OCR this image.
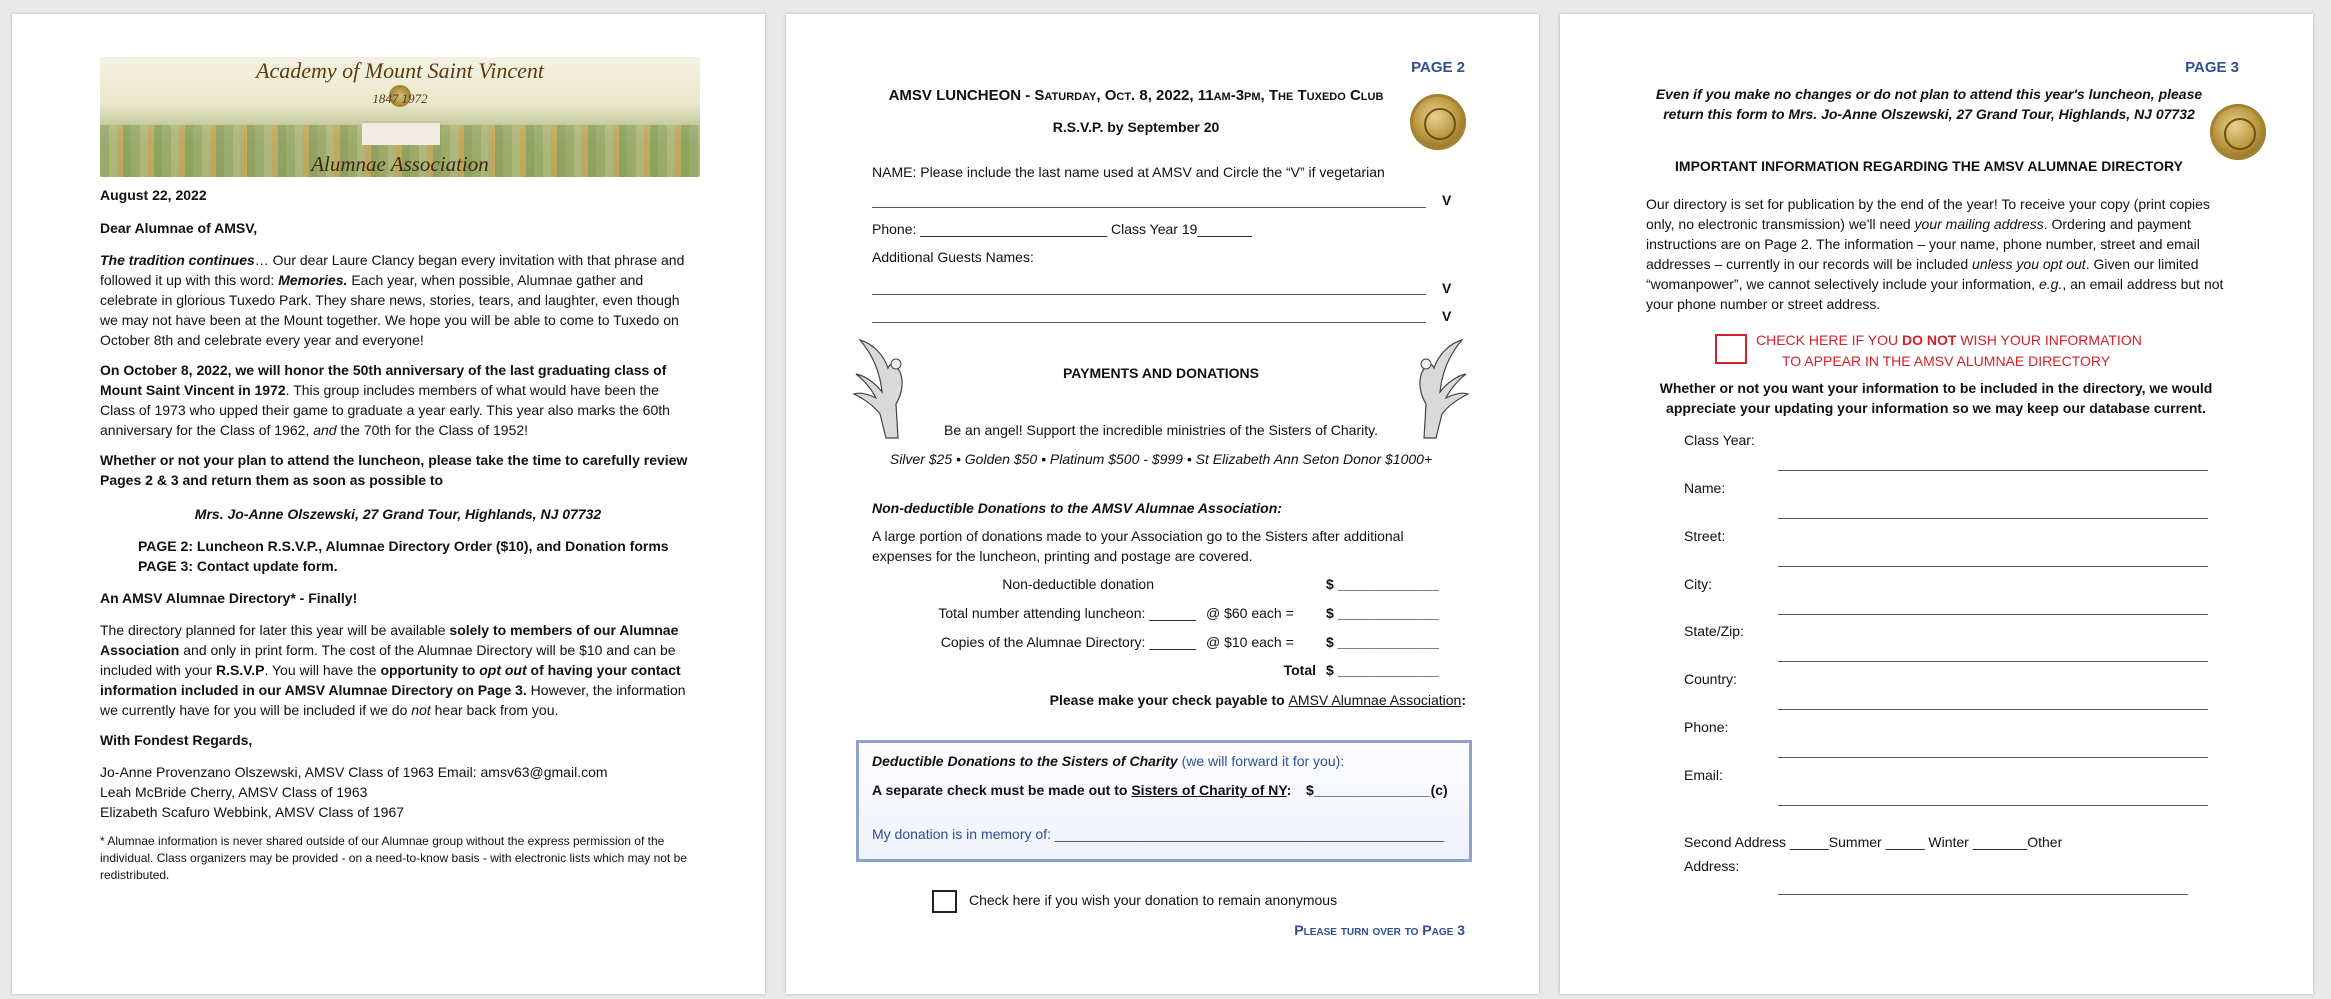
Academy of Mount Saint Vincent
1847 1972
Alumnae Association

August 22, 2022

Dear Alumnae of AMSV,

The tradition continues… Our dear Laure Clancy began every invitation with that phrase and followed it up with this word: Memories. Each year, when possible, Alumnae gather and celebrate in glorious Tuxedo Park. They share news, stories, tears, and laughter, even though we may not have been at the Mount together. We hope you will be able to come to Tuxedo on October 8th and celebrate every year and everyone!

On October 8, 2022, we will honor the 50th anniversary of the last graduating class of Mount Saint Vincent in 1972. This group includes members of what would have been the Class of 1973 who upped their game to graduate a year early. This year also marks the 60th anniversary for the Class of 1962, and the 70th for the Class of 1952!

Whether or not your plan to attend the luncheon, please take the time to carefully review Pages 2 & 3 and return them as soon as possible to

Mrs. Jo-Anne Olszewski, 27 Grand Tour, Highlands, NJ 07732

PAGE 2: Luncheon R.S.V.P., Alumnae Directory Order ($10), and Donation forms

PAGE 3: Contact update form.

An AMSV Alumnae Directory* - Finally!

The directory planned for later this year will be available solely to members of our Alumnae Association and only in print form. The cost of the Alumnae Directory will be $10 and can be included with your R.S.V.P. You will have the opportunity to opt out of having your contact information included in our AMSV Alumnae Directory on Page 3. However, the information we currently have for you will be included if we do not hear back from you.

With Fondest Regards,

Jo-Anne Provenzano Olszewski, AMSV Class of 1963 Email: amsv63@gmail.com

Leah McBride Cherry, AMSV Class of 1963

Elizabeth Scafuro Webbink, AMSV Class of 1967

* Alumnae information is never shared outside of our Alumnae group without the express permission of the individual. Class organizers may be provided - on a need-to-know basis - with electronic lists which may not be redistributed.

PAGE 2
AMSV LUNCHEON - Saturday, Oct. 8, 2022, 11am-3pm, The Tuxedo Club
R.S.V.P. by September 20
NAME: Please include the last name used at AMSV and Circle the “V” if vegetarian
V
Phone: ________________________ Class Year 19_______
Additional Guests Names:
V
V
PAYMENTS AND DONATIONS
Be an angel! Support the incredible ministries of the Sisters of Charity.
Silver $25 • Golden $50 • Platinum $500 - $999 • St Elizabeth Ann Seton Donor $1000+
Non-deductible Donations to the AMSV Alumnae Association:
A large portion of donations made to your Association go to the Sisters after additional expenses for the luncheon, printing and postage are covered.
Non-deductible donation	$ _____________
Total number attending luncheon: ______ @ $60 each =	$ _____________
Copies of the Alumnae Directory: ______ @ $10 each =	$ _____________
Total $ _____________
Please make your check payable to AMSV Alumnae Association:
Deductible Donations to the Sisters of Charity (we will forward it for you):
A separate check must be made out to Sisters of Charity of NY: $_______________(c)
My donation is in memory of: __________________________________________________
Check here if you wish your donation to remain anonymous
Please turn over to Page 3
PAGE 3
Even if you make no changes or do not plan to attend this year's luncheon, please return this form to Mrs. Jo-Anne Olszewski, 27 Grand Tour, Highlands, NJ 07732
IMPORTANT INFORMATION REGARDING THE AMSV ALUMNAE DIRECTORY
Our directory is set for publication by the end of the year! To receive your copy (print copies only, no electronic transmission) we'll need your mailing address. Ordering and payment instructions are on Page 2. The information – your name, phone number, street and email addresses – currently in our records will be included unless you opt out. Given our limited “womanpower”, we cannot selectively include your information, e.g., an email address but not your phone number or street address.
CHECK HERE IF YOU DO NOT WISH YOUR INFORMATION
TO APPEAR IN THE AMSV ALUMNAE DIRECTORY
Whether or not you want your information to be included in the directory, we would appreciate your updating your information so we may keep our database current.
Class Year:
Name:
Street:
City:
State/Zip:
Country:
Phone:
Email:
Second Address _____Summer _____ Winter _______Other
Address:
